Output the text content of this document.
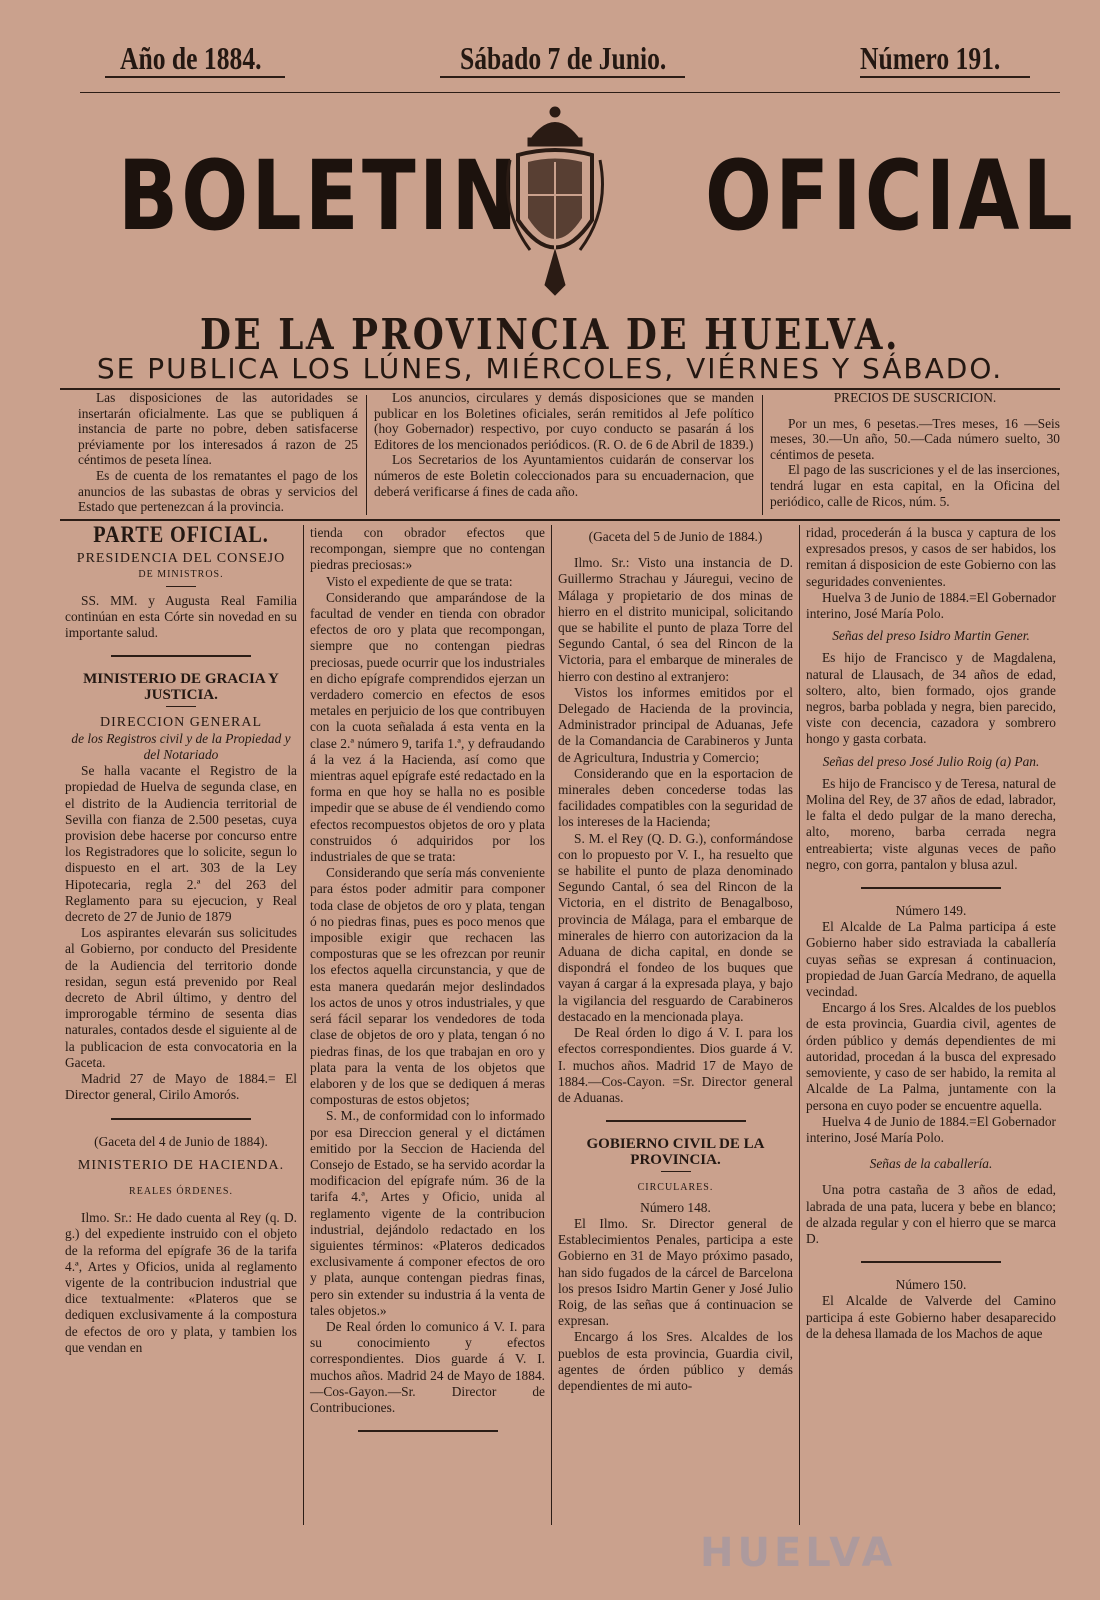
Año de 1884.	Sábado 7 de Junio.	Número 191.
BOLETIN OFICIAL
DE LA PROVINCIA DE HUELVA.
SE PUBLICA LOS LÚNES, MIÉRCOLES, VIÉRNES Y SÁBADO.

Las disposiciones de las autoridades se insertarán oficialmente. Las que se publiquen á instancia de parte no pobre, deben satisfacerse préviamente por los interesados á razon de 25 céntimos de peseta línea.

Es de cuenta de los rematantes el pago de los anuncios de las subastas de obras y servicios del Estado que pertenezcan á la provincia.

Los anuncios, circulares y demás disposiciones que se manden publicar en los Boletines oficiales, serán remitidos al Jefe político (hoy Gobernador) respectivo, por cuyo conducto se pasarán á los Editores de los mencionados periódicos. (R. O. de 6 de Abril de 1839.)

Los Secretarios de los Ayuntamientos cuidarán de conservar los números de este Boletin coleccionados para su encuadernacion, que deberá verificarse á fines de cada año.

PRECIOS DE SUSCRICION.

Por un mes, 6 pesetas.—Tres meses, 16 —Seis meses, 30.—Un año, 50.—Cada número suelto, 30 céntimos de peseta.

El pago de las suscriciones y el de las inserciones, tendrá lugar en esta capital, en la Oficina del periódico, calle de Ricos, núm. 5.

PARTE OFICIAL.

PRESIDENCIA DEL CONSEJO

DE MINISTROS.

SS. MM. y Augusta Real Familia continúan en esta Córte sin novedad en su importante salud.

MINISTERIO DE GRACIA Y JUSTICIA.

DIRECCION GENERAL

de los Registros civil y de la Propiedad y del Notariado

Se halla vacante el Registro de la propiedad de Huelva de segunda clase, en el distrito de la Audiencia territorial de Sevilla con fianza de 2.500 pesetas, cuya provision debe hacerse por concurso entre los Registradores que lo solicite, segun lo dispuesto en el art. 303 de la Ley Hipotecaria, regla 2.ª del 263 del Reglamento para su ejecucion, y Real decreto de 27 de Junio de 1879

Los aspirantes elevarán sus solicitudes al Gobierno, por conducto del Presidente de la Audiencia del territorio donde residan, segun está prevenido por Real decreto de Abril último, y dentro del improrogable término de sesenta dias naturales, contados desde el siguiente al de la publicacion de esta convocatoria en la Gaceta.

Madrid 27 de Mayo de 1884.= El Director general, Cirilo Amorós.

(Gaceta del 4 de Junio de 1884).

MINISTERIO DE HACIENDA.

REALES ÓRDENES.

Ilmo. Sr.: He dado cuenta al Rey (q. D. g.) del expediente instruido con el objeto de la reforma del epígrafe 36 de la tarifa 4.ª, Artes y Oficios, unida al reglamento vigente de la contribucion industrial que dice textualmente: «Plateros que se dediquen exclusivamente á la compostura de efectos de oro y plata, y tambien los que vendan en

tienda con obrador efectos que recompongan, siempre que no contengan piedras preciosas:»

Visto el expediente de que se trata:

Considerando que amparándose de la facultad de vender en tienda con obrador efectos de oro y plata que recompongan, siempre que no contengan piedras preciosas, puede ocurrir que los industriales en dicho epígrafe comprendidos ejerzan un verdadero comercio en efectos de esos metales en perjuicio de los que contribuyen con la cuota señalada á esta venta en la clase 2.ª número 9, tarifa 1.ª, y defraudando á la vez á la Hacienda, así como que mientras aquel epígrafe esté redactado en la forma en que hoy se halla no es posible impedir que se abuse de él vendiendo como efectos recompuestos objetos de oro y plata construidos ó adquiridos por los industriales de que se trata:

Considerando que sería más conveniente para éstos poder admitir para componer toda clase de objetos de oro y plata, tengan ó no piedras finas, pues es poco menos que imposible exigir que rechacen las composturas que se les ofrezcan por reunir los efectos aquella circunstancia, y que de esta manera quedarán mejor deslindados los actos de unos y otros industriales, y que será fácil separar los vendedores de toda clase de objetos de oro y plata, tengan ó no piedras finas, de los que trabajan en oro y plata para la venta de los objetos que elaboren y de los que se dediquen á meras composturas de estos objetos;

S. M., de conformidad con lo informado por esa Direccion general y el dictámen emitido por la Seccion de Hacienda del Consejo de Estado, se ha servido acordar la modificacion del epígrafe núm. 36 de la tarifa 4.ª, Artes y Oficio, unida al reglamento vigente de la contribucion industrial, dejándolo redactado en los siguientes términos: «Plateros dedicados exclusivamente á componer efectos de oro y plata, aunque contengan piedras finas, pero sin extender su industria á la venta de tales objetos.»

De Real órden lo comunico á V. I. para su conocimiento y efectos correspondientes. Dios guarde á V. I. muchos años. Madrid 24 de Mayo de 1884.—Cos-Gayon.—Sr. Director de Contribuciones.

(Gaceta del 5 de Junio de 1884.)

Ilmo. Sr.: Visto una instancia de D. Guillermo Strachau y Jáuregui, vecino de Málaga y propietario de dos minas de hierro en el distrito municipal, solicitando que se habilite el punto de plaza Torre del Segundo Cantal, ó sea del Rincon de la Victoria, para el embarque de minerales de hierro con destino al extranjero:

Vistos los informes emitidos por el Delegado de Hacienda de la provincia, Administrador principal de Aduanas, Jefe de la Comandancia de Carabineros y Junta de Agricultura, Industria y Comercio;

Considerando que en la esportacion de minerales deben concederse todas las facilidades compatibles con la seguridad de los intereses de la Hacienda;

S. M. el Rey (Q. D. G.), conformándose con lo propuesto por V. I., ha resuelto que se habilite el punto de plaza denominado Segundo Cantal, ó sea del Rincon de la Victoria, en el distrito de Benagalboso, provincia de Málaga, para el embarque de minerales de hierro con autorizacion da la Aduana de dicha capital, en donde se dispondrá el fondeo de los buques que vayan á cargar á la expresada playa, y bajo la vigilancia del resguardo de Carabineros destacado en la mencionada playa.

De Real órden lo digo á V. I. para los efectos correspondientes. Dios guarde á V. I. muchos años. Madrid 17 de Mayo de 1884.—Cos-Cayon. =Sr. Director general de Aduanas.

GOBIERNO CIVIL DE LA PROVINCIA.

CIRCULARES.

Número 148.

El Ilmo. Sr. Director general de Establecimientos Penales, participa a este Gobierno en 31 de Mayo próximo pasado, han sido fugados de la cárcel de Barcelona los presos Isidro Martin Gener y José Julio Roig, de las señas que á continuacion se expresan.

Encargo á los Sres. Alcaldes de los pueblos de esta provincia, Guardia civil, agentes de órden público y demás dependientes de mi auto-

ridad, procederán á la busca y captura de los expresados presos, y casos de ser habidos, los remitan á disposicion de este Gobierno con las seguridades convenientes.

Huelva 3 de Junio de 1884.=El Gobernador interino, José María Polo.

Señas del preso Isidro Martin Gener.

Es hijo de Francisco y de Magdalena, natural de Llausach, de 34 años de edad, soltero, alto, bien formado, ojos grande negros, barba poblada y negra, bien parecido, viste con decencia, cazadora y sombrero hongo y gasta corbata.

Señas del preso José Julio Roig (a) Pan.

Es hijo de Francisco y de Teresa, natural de Molina del Rey, de 37 años de edad, labrador, le falta el dedo pulgar de la mano derecha, alto, moreno, barba cerrada negra entreabierta; viste algunas veces de paño negro, con gorra, pantalon y blusa azul.

Número 149.

El Alcalde de La Palma participa á este Gobierno haber sido estraviada la caballería cuyas señas se expresan á continuacion, propiedad de Juan García Medrano, de aquella vecindad.

Encargo á los Sres. Alcaldes de los pueblos de esta provincia, Guardia civil, agentes de órden público y demás dependientes de mi autoridad, procedan á la busca del expresado semoviente, y caso de ser habido, la remita al Alcalde de La Palma, juntamente con la persona en cuyo poder se encuentre aquella.

Huelva 4 de Junio de 1884.=El Gobernador interino, José María Polo.

Señas de la caballería.

Una potra castaña de 3 años de edad, labrada de una pata, lucera y bebe en blanco; de alzada regular y con el hierro que se marca D.

Número 150.

El Alcalde de Valverde del Camino participa á este Gobierno haber desaparecido de la dehesa llamada de los Machos de aque

HUELVA
